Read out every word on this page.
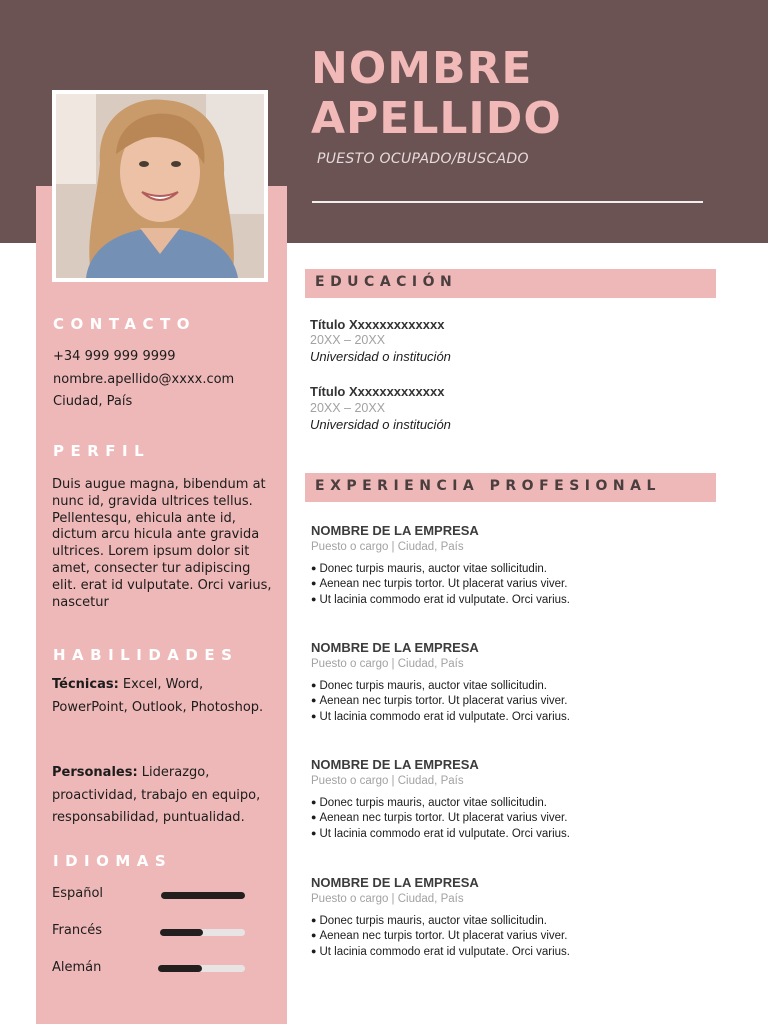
NOMBRE
APELLIDO
PUESTO OCUPADO/BUSCADO
CONTACTO
+34 999 999 9999
nombre.apellido@xxxx.com
Ciudad, País
PERFIL
Duis augue magna, bibendum at nunc id, gravida ultrices tellus. Pellentesqu, ehicula ante id, dictum arcu hicula ante gravida ultrices. Lorem ipsum dolor sit amet, consecter tur adipiscing elit. erat id vulputate. Orci varius, nascetur
HABILIDADES
Técnicas: Excel, Word, PowerPoint, Outlook, Photoshop.
Personales: Liderazgo, proactividad, trabajo en equipo, responsabilidad, puntualidad.
IDIOMAS
Español
Francés
Alemán
EDUCACIÓN
Título Xxxxxxxxxxxxx
20XX – 20XX
Universidad o institución
Título Xxxxxxxxxxxxx
20XX – 20XX
Universidad o institución
EXPERIENCIA PROFESIONAL
NOMBRE DE LA EMPRESA
Puesto o cargo | Ciudad, País
● Donec turpis mauris, auctor vitae sollicitudin.
● Aenean nec turpis tortor. Ut placerat varius viver.
● Ut lacinia commodo erat id vulputate. Orci varius.
NOMBRE DE LA EMPRESA
Puesto o cargo | Ciudad, País
● Donec turpis mauris, auctor vitae sollicitudin.
● Aenean nec turpis tortor. Ut placerat varius viver.
● Ut lacinia commodo erat id vulputate. Orci varius.
NOMBRE DE LA EMPRESA
Puesto o cargo | Ciudad, País
● Donec turpis mauris, auctor vitae sollicitudin.
● Aenean nec turpis tortor. Ut placerat varius viver.
● Ut lacinia commodo erat id vulputate. Orci varius.
NOMBRE DE LA EMPRESA
Puesto o cargo | Ciudad, País
● Donec turpis mauris, auctor vitae sollicitudin.
● Aenean nec turpis tortor. Ut placerat varius viver.
● Ut lacinia commodo erat id vulputate. Orci varius.
